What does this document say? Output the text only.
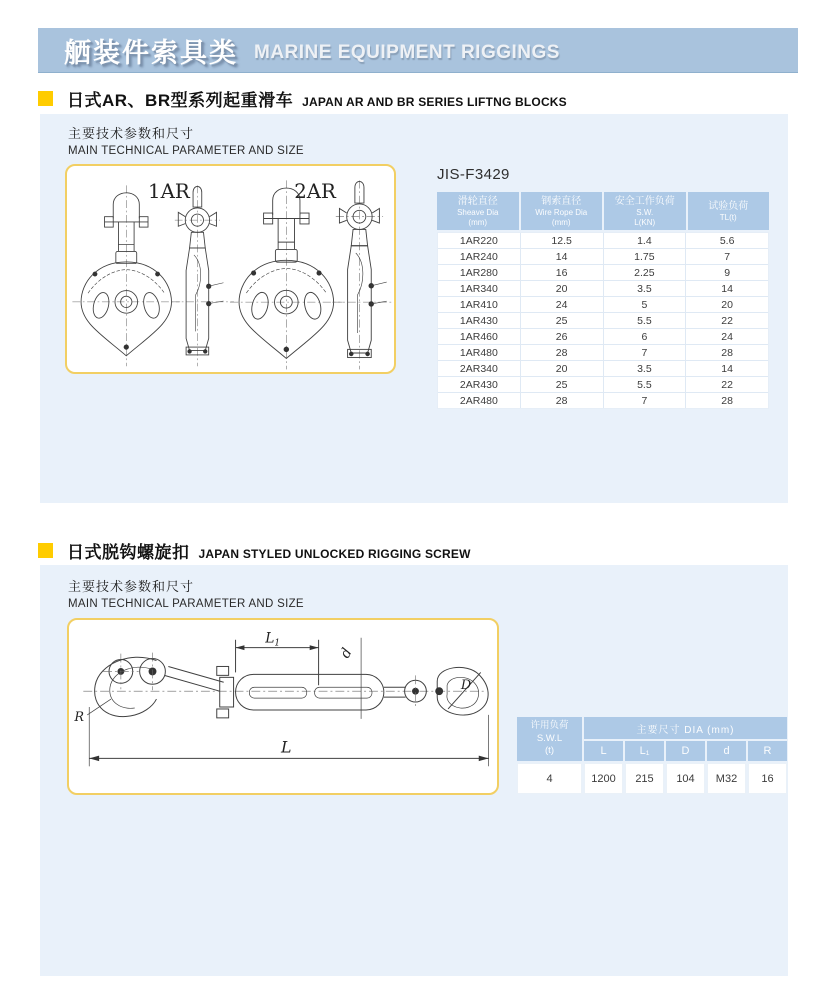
舾装件索具类 MARINE EQUIPMENT RIGGINGS
日式AR、BR型系列起重滑车 JAPAN AR AND BR SERIES LIFTNG BLOCKS
主要技术参数和尺寸
MAIN TECHNICAL PARAMETER AND SIZE
1AR	2AR
JIS-F3429
滑轮直径
Sheave Dia
(mm)
钢索直径
Wire Rope Dia
(mm)
安全工作负荷
S.W.
L(KN)
试验负荷
TL(t)
1AR220	12.5	1.4	5.6
1AR240	14	1.75	7
1AR280	16	2.25	9
1AR340	20	3.5	14
1AR410	24	5	20
1AR430	25	5.5	22
1AR460	26	6	24
1AR480	28	7	28
2AR340	20	3.5	14
2AR430	25	5.5	22
2AR480	28	7	28
日式脱钩螺旋扣 JAPAN STYLED UNLOCKED RIGGING SCREW
主要技术参数和尺寸
MAIN TECHNICAL PARAMETER AND SIZE
D
$L_1$
d
L
R
许用负荷
S.W.L
(t)
主要尺寸 DIA (mm)
L	L₁	D	d	R
4	1200	215	104	M32	16
